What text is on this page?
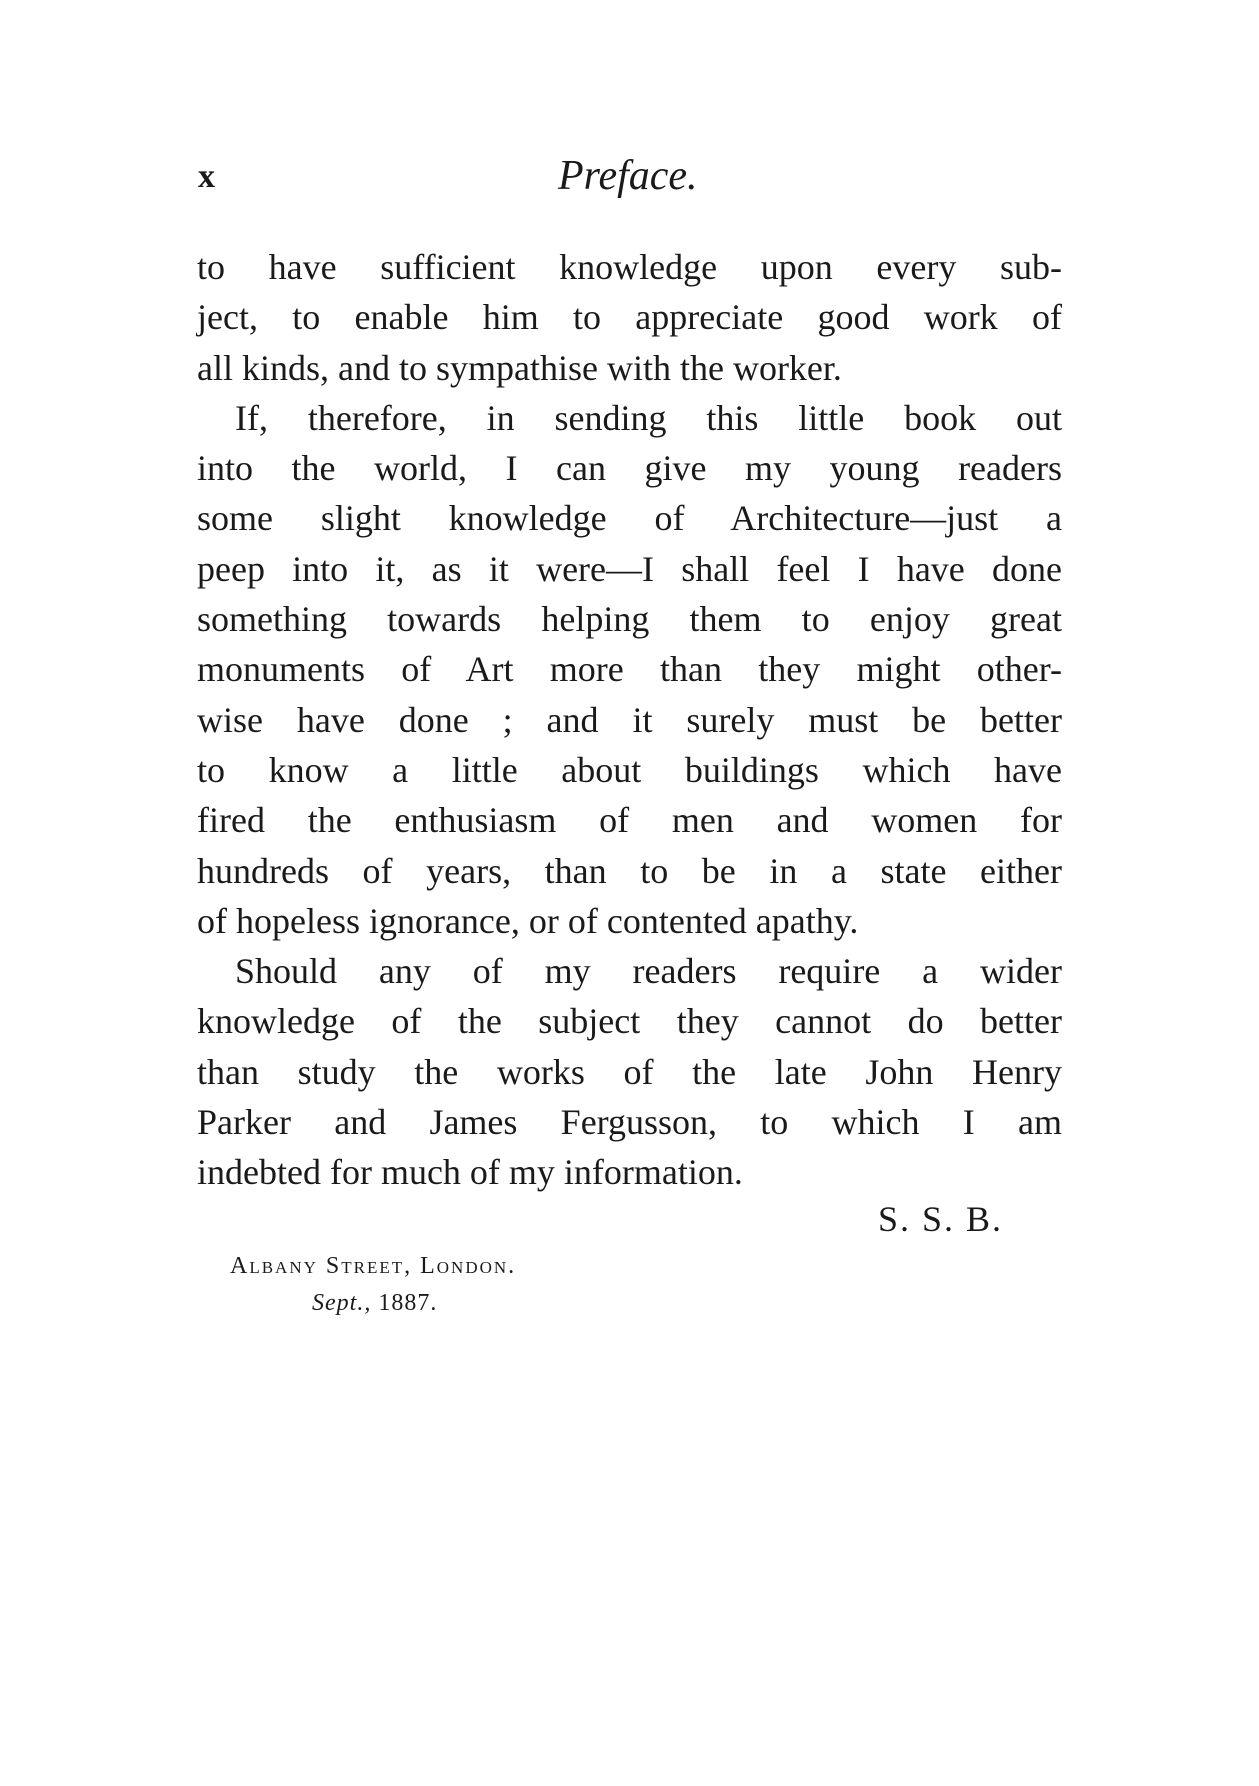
x	Preface.
to have sufficient knowledge upon every sub-
ject, to enable him to appreciate good work of
all kinds, and to sympathise with the worker.
If, therefore, in sending this little book out
into the world, I can give my young readers
some slight knowledge of Architecture—just a
peep into it, as it were—I shall feel I have done
something towards helping them to enjoy great
monuments of Art more than they might other-
wise have done ; and it surely must be better
to know a little about buildings which have
fired the enthusiasm of men and women for
hundreds of years, than to be in a state either
of hopeless ignorance, or of contented apathy.
Should any of my readers require a wider
knowledge of the subject they cannot do better
than study the works of the late John Henry
Parker and James Fergusson, to which I am
indebted for much of my information.
S. S. B.
Albany Street, London.
Sept., 1887.
